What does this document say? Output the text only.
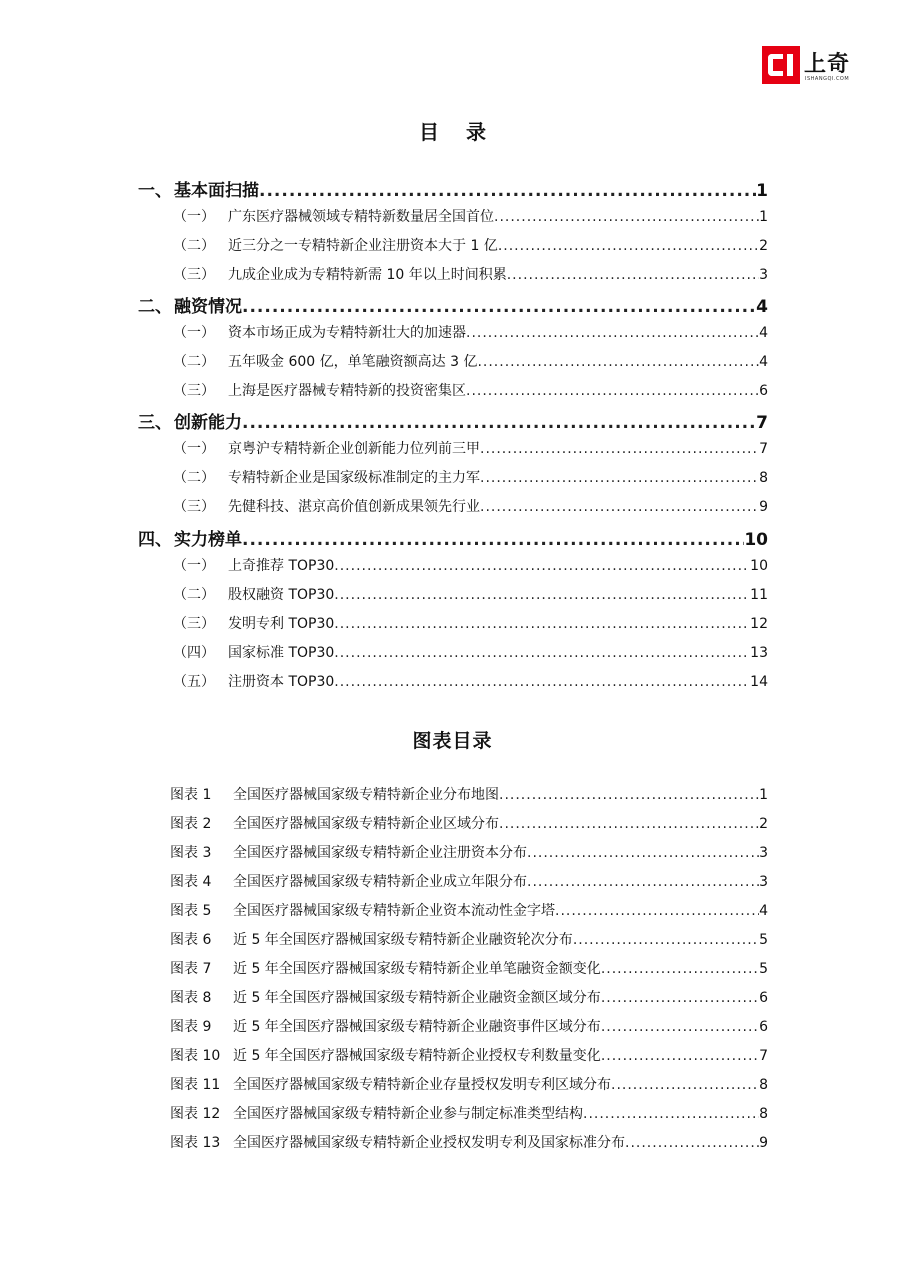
上奇
ISHANGQI.COM
目 录
一、 基本面扫描 .....	1
（一） 广东医疗器械领域专精特新数量居全国首位 .....	1
（二） 近三分之一专精特新企业注册资本大于 1 亿 .....	2
（三） 九成企业成为专精特新需 10 年以上时间积累 .....	3
二、 融资情况 .....	4
（一） 资本市场正成为专精特新壮大的加速器 .....	4
（二） 五年吸金 600 亿，单笔融资额高达 3 亿 .....	4
（三） 上海是医疗器械专精特新的投资密集区 .....	6
三、 创新能力 .....	7
（一） 京粤沪专精特新企业创新能力位列前三甲 .....	7
（二） 专精特新企业是国家级标准制定的主力军 .....	8
（三） 先健科技、湛京高价值创新成果领先行业 .....	9
四、 实力榜单 .....	10
（一） 上奇推荐 TOP30 .....	10
（二） 股权融资 TOP30 .....	11
（三） 发明专利 TOP30 .....	12
（四） 国家标准 TOP30 .....	13
（五） 注册资本 TOP30 .....	14
图表目录
图表 1	全国医疗器械国家级专精特新企业分布地图 .....	1
图表 2	全国医疗器械国家级专精特新企业区域分布 .....	2
图表 3	全国医疗器械国家级专精特新企业注册资本分布 .....	3
图表 4	全国医疗器械国家级专精特新企业成立年限分布 .....	3
图表 5	全国医疗器械国家级专精特新企业资本流动性金字塔 .....	4
图表 6	近 5 年全国医疗器械国家级专精特新企业融资轮次分布 .....	5
图表 7	近 5 年全国医疗器械国家级专精特新企业单笔融资金额变化 .....	5
图表 8	近 5 年全国医疗器械国家级专精特新企业融资金额区域分布 .....	6
图表 9	近 5 年全国医疗器械国家级专精特新企业融资事件区域分布 .....	6
图表 10 近 5 年全国医疗器械国家级专精特新企业授权专利数量变化 .....	7
图表 11 全国医疗器械国家级专精特新企业存量授权发明专利区域分布 .....	8
图表 12 全国医疗器械国家级专精特新企业参与制定标准类型结构 .....	8
图表 13 全国医疗器械国家级专精特新企业授权发明专利及国家标准分布 .....	9
